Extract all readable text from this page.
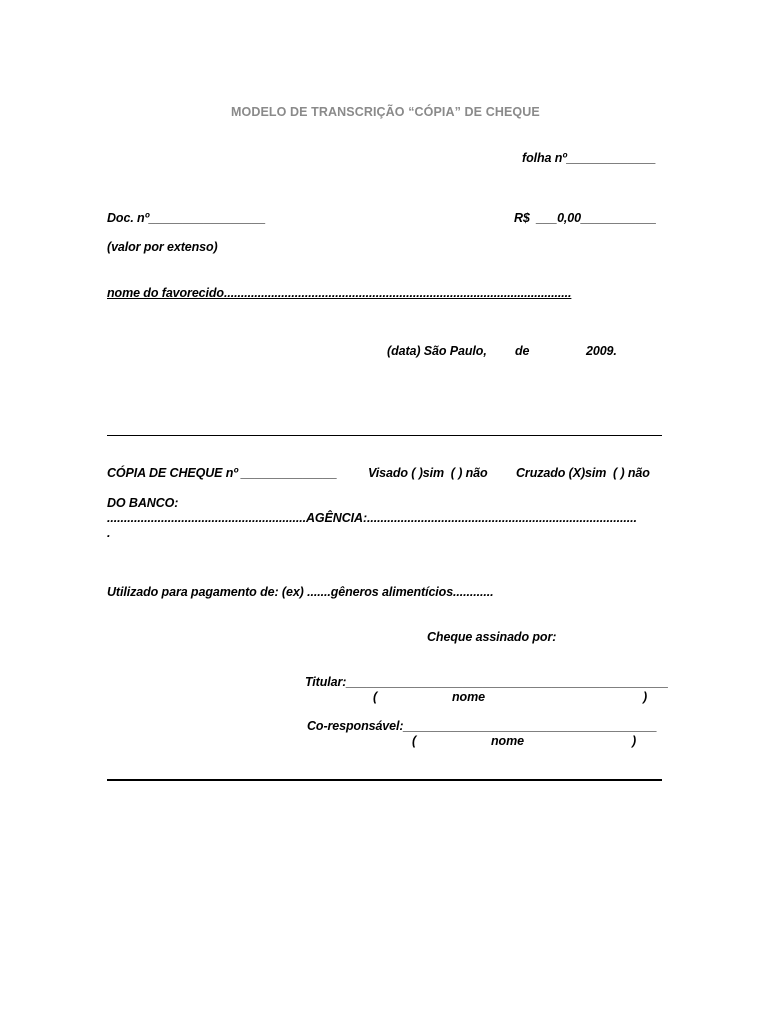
MODELO DE TRANSCRIÇÃO “CÓPIA” DE CHEQUE
folha nº_____________
Doc. nº_________________	R$  ___0,00___________
(valor por extenso)
nome do favorecido.......................................................................................................
(data) São Paulo, de	2009.
CÓPIA DE CHEQUE nº ______________ Visado ( )sim  ( ) não Cruzado (X)sim  ( ) não
DO BANCO:
...........................................................AGÊNCIA:................................................................................
.
Utilizado para pagamento de: (ex) .......gêneros alimentícios............
Cheque assinado por:
Titular:_______________________________________________
(	nome	)
Co-responsável:_____________________________________
(	nome	)
